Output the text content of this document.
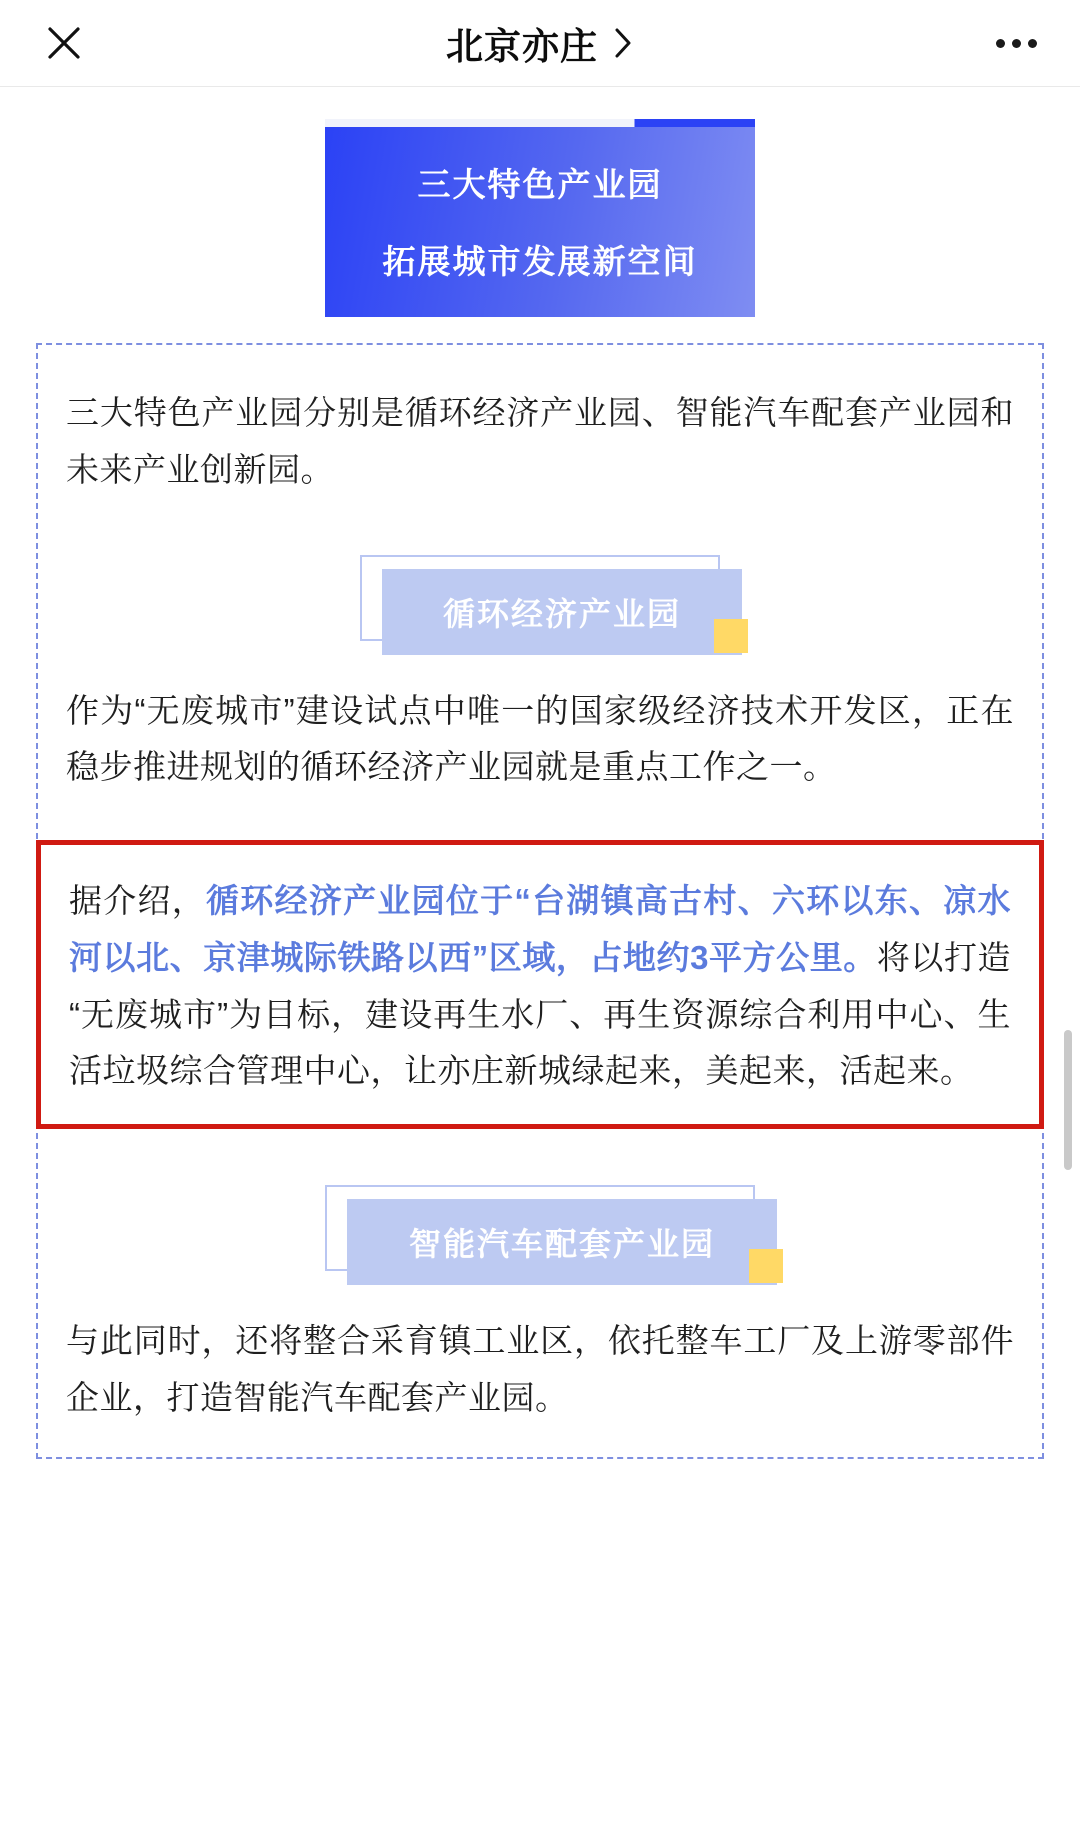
北京亦庄
三大特色产业园
拓展城市发展新空间

三大特色产业园分别是循环经济产业园、智能汽车配套产业园和未来产业创新园。

循环经济产业园

作为“无废城市”建设试点中唯一的国家级经济技术开发区，正在稳步推进规划的循环经济产业园就是重点工作之一。

据介绍，循环经济产业园位于“台湖镇高古村、六环以东、凉水河以北、京津城际铁路以西”区域，占地约3平方公里。将以打造“无废城市”为目标，建设再生水厂、再生资源综合利用中心、生活垃圾综合管理中心，让亦庄新城绿起来，美起来，活起来。

智能汽车配套产业园

与此同时，还将整合采育镇工业区，依托整车工厂及上游零部件企业，打造智能汽车配套产业园。
